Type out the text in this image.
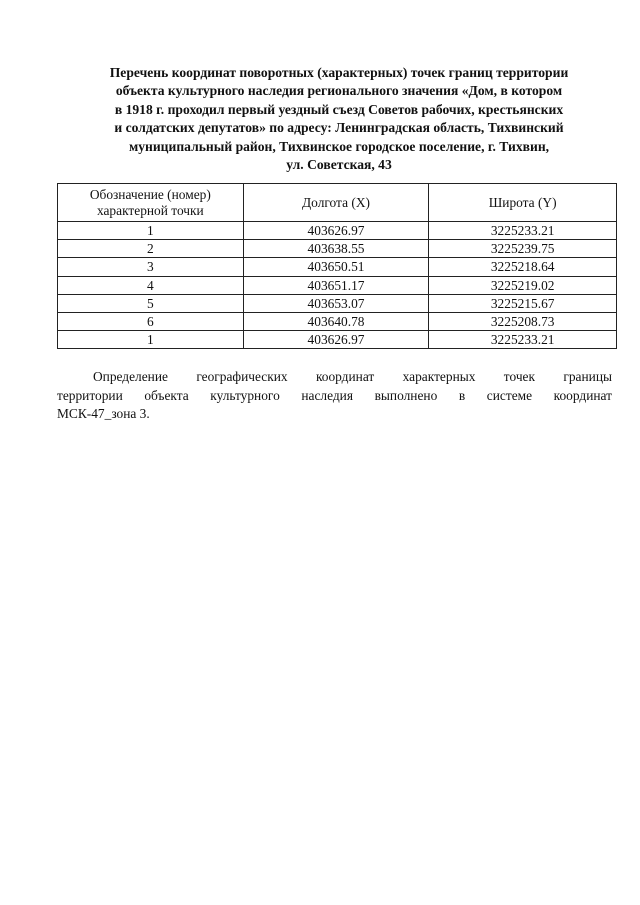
Перечень координат поворотных (характерных) точек границ территории
объекта культурного наследия регионального значения «Дом, в котором
в 1918 г. проходил первый уездный съезд Советов рабочих, крестьянских
и солдатских депутатов» по адресу: Ленинградская область, Тихвинский
муниципальный район, Тихвинское городское поселение, г. Тихвин,
ул. Советская, 43
Обозначение (номер) характерной точки	Долгота (X)	Широта (Y)
1	403626.97	3225233.21
2	403638.55	3225239.75
3	403650.51	3225218.64
4	403651.17	3225219.02
5	403653.07	3225215.67
6	403640.78	3225208.73
1	403626.97	3225233.21
Определение географических координат характерных точек границы
территории объекта культурного наследия выполнено в системе координат
МСК-47_зона 3.
